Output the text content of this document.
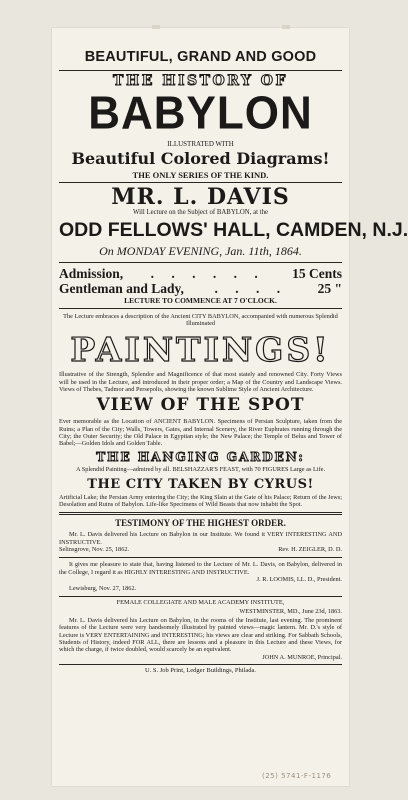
BEAUTIFUL, GRAND AND GOOD

THE HISTORY OF

BABYLON

ILLUSTRATED WITH

Beautiful Colored Diagrams!

THE ONLY SERIES OF THE KIND.

MR. L. DAVIS

Will Lecture on the Subject of BABYLON, at the

ODD FELLOWS' HALL, CAMDEN, N.J.

On MONDAY EVENING, Jan. 11th, 1864.

Admission,	. . . . . .	15 Cents
Gentleman and Lady,	. . . .	25 "

LECTURE TO COMMENCE AT 7 O'CLOCK.

The Lecture embraces a description of the Ancient CITY BABYLON, accompanied with numerous Splendid Illuminated

PAINTINGS!

Illustrative of the Strength, Splendor and Magnificence of that most stately and renowned City. Forty Views will be used in the Lecture, and introduced in their proper order; a Map of the Country and Landscape Views. Views of Thebes, Tadmor and Persepolis, showing the known Sublime Style of Ancient Architecture.

VIEW OF THE SPOT

Ever memorable as the Location of ANCIENT BABYLON. Specimens of Persian Sculpture, taken from the Ruins; a Plan of the City; Walls, Towers, Gates, and Internal Scenery, the River Euphrates running through the City; the Outer Security; the Old Palace in Egyptian style; the New Palace; the Temple of Belus and Tower of Babel;—Golden Idols and Golden Table.

THE HANGING GARDEN:

A Splendid Painting—admired by all. BELSHAZZAR'S FEAST, with 70 FIGURES Large as Life.

THE CITY TAKEN BY CYRUS!

Artificial Lake; the Persian Army entering the City; the King Slain at the Gate of his Palace; Return of the Jews; Desolation and Ruins of Babylon. Life-like Specimens of Wild Beasts that now inhabit the Spot.

TESTIMONY OF THE HIGHEST ORDER.

Mr. L. Davis delivered his Lecture on Babylon in our Institute. We found it VERY INTERESTING AND INSTRUCTIVE.

Selinsgrove, Nov. 25, 1862.	Rev. H. ZEIGLER, D. D.

It gives me pleasure to state that, having listened to the Lecture of Mr. L. Davis, on Babylon, delivered in the College, I regard it as HIGHLY INTERESTING AND INSTRUCTIVE.

J. R. LOOMIS, LL. D., President.

Lewisburg, Nov. 27, 1862.

FEMALE COLLEGIATE AND MALE ACADEMY INSTITUTE,

WESTMINSTER, MD., June 23d, 1863.

Mr. L. Davis delivered his Lecture on Babylon, in the rooms of the Institute, last evening. The prominent features of the Lecture were very handsomely illustrated by painted views—magic lantern. Mr. D.'s style of Lecture is VERY ENTERTAINING and INTERESTING; his views are clear and striking. For Sabbath Schools, Students of History, indeed FOR ALL, there are lessons and a pleasure in this Lecture and these Views, for which the charge, if twice doubled, would scarcely be an equivalent.

JOHN A. MUNROE, Principal.

U. S. Job Print, Ledger Buildings, Philada.

(25) 5741-F-1176
